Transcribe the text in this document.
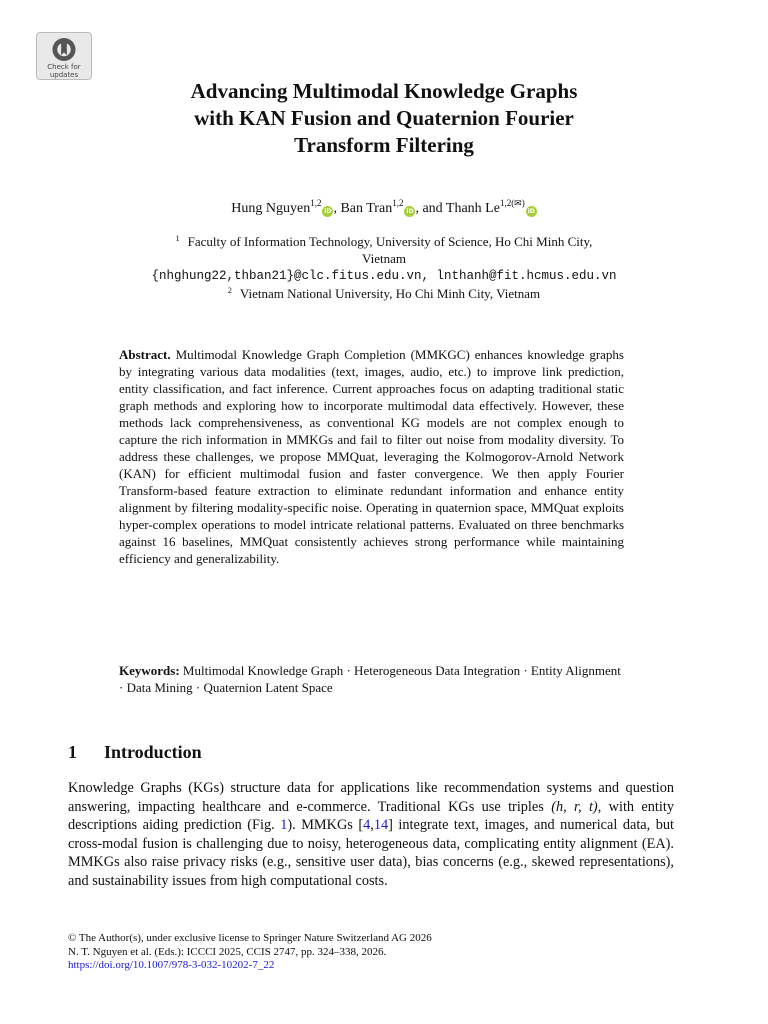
Check for
updates
Advancing Multimodal Knowledge Graphs
with KAN Fusion and Quaternion Fourier
Transform Filtering
Hung Nguyen$^{1,2}$iD , Ban Tran$^{1,2}$iD , and Thanh $Le^{1,2(✉)}iD$
$^1$ Faculty of Information Technology, University of Science, Ho Chi Minh City,
Vietnam
{nhghung22,thban21}@clc.fitus.edu.vn, lnthanh@fit.hcmus.edu.vn
$^2$ Vietnam National University, Ho Chi Minh City, Vietnam
Abstract. Multimodal Knowledge Graph Completion (MMKGC) enhances knowledge graphs by integrating various data modalities (text, images, audio, etc.) to improve link prediction, entity classification, and fact inference. Current approaches focus on adapting traditional static graph methods and exploring how to incorporate multimodal data effectively. However, these methods lack comprehensiveness, as conventional KG models are not complex enough to capture the rich information in MMKGs and fail to filter out noise from modality diversity. To address these challenges, we propose MMQuat, leveraging the Kolmogorov-Arnold Network (KAN) for efficient multimodal fusion and faster convergence. We then apply Fourier Transform-based feature extraction to eliminate redundant information and enhance entity alignment by filtering modality-specific noise. Operating in quaternion space, MMQuat exploits hyper-complex operations to model intricate relational patterns. Evaluated on three benchmarks against 16 baselines, MMQuat consistently achieves strong performance while maintaining efficiency and generalizability.
Keywords: Multimodal Knowledge Graph · Heterogeneous Data Integration · Entity Alignment · Data Mining · Quaternion Latent Space
1 Introduction
Knowledge Graphs (KGs) structure data for applications like recommendation systems and question answering, impacting healthcare and e-commerce. Traditional KGs use triples (h, r, t), with entity descriptions aiding prediction (Fig. 1). MMKGs [4,14] integrate text, images, and numerical data, but cross-modal fusion is challenging due to noisy, heterogeneous data, complicating entity alignment (EA). MMKGs also raise privacy risks (e.g., sensitive user data), bias concerns (e.g., skewed representations), and sustainability issues from high computational costs.
© The Author(s), under exclusive license to Springer Nature Switzerland AG 2026
N. T. Nguyen et al. (Eds.): ICCCI 2025, CCIS 2747, pp. 324–338, 2026.
https://doi.org/10.1007/978-3-032-10202-7_22
